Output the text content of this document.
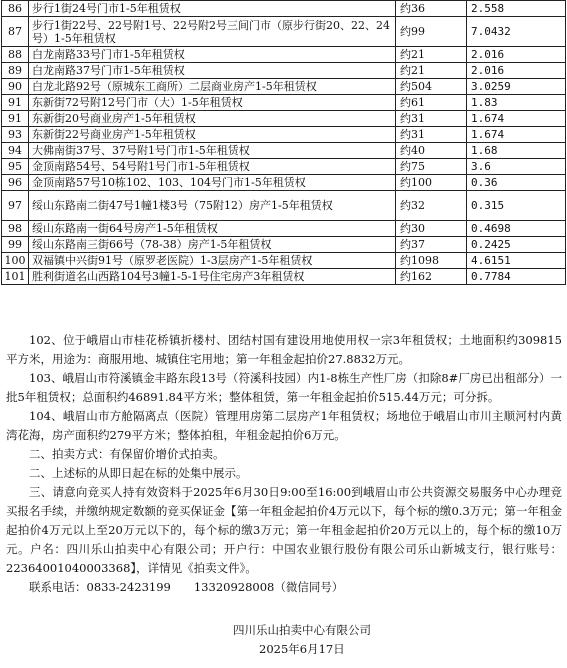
86	步行1街24号门市1-5年租赁权	约36	2.558
87	步行1街22号、22号附1号、22号附2号三间门市（原步行街20、22、24号）1-5年租赁权	约99	7.0432
88	白龙南路33号门市1-5年租赁权	约21	2.016
89	白龙南路37号门市1-5年租赁权	约21	2.016
90	白龙北路92号（原城东工商所）二层商业房产1-5年租赁权	约504	3.0259
91	东新街72号附12号门市（大）1-5年租赁权	约61	1.83
91	东新街20号商业房产1-5年租赁权	约31	1.674
93	东新街22号商业房产1-5年租赁权	约31	1.674
94	大佛南街37号、37号附1号门市1-5年租赁权	约40	1.68
95	金顶南路54号、54号附1号门市1-5年租赁权	约75	3.6
96	金顶南路57号10栋102、103、104号门市1-5年租赁权	约100	0.36
97	绥山东路南二街47号1幢1楼3号（75附12）房产1-5年租赁权	约32	0.315
98	绥山东路南一街64号房产1-5年租赁权	约30	0.4698
99	绥山东路南三街66号（78-38）房产1-5年租赁权	约37	0.2425
100	双福镇中兴街91号（原罗老医院）1-3层房产1-5年租赁权	约1098	4.6151
101	胜利街道名山西路104号3幢1-5-1号住宅房产3年租赁权	约162	0.7784

102、位于峨眉山市桂花桥镇折楼村、团结村国有建设用地使用权一宗3年租赁权；土地面积约309815平方米，用途为：商服用地、城镇住宅用地；第一年租金起拍价27.8832万元。

103、峨眉山市符溪镇金丰路东段13号（符溪科技园）内1-8栋生产性厂房（扣除8#厂房已出租部分）一批5年租赁权；总面积约46891.84平方米；整体租赁，第一年租金起拍价515.44万元；可分拆。

104、峨眉山市方舱隔离点（医院）管理用房第二层房产1年租赁权；场地位于峨眉山市川主顺河村内黄湾花海，房产面积约279平方米；整体拍租，年租金起拍价6万元。

二、拍卖方式：有保留价增价式拍卖。

二、上述标的从即日起在标的处集中展示。

三、请意向竞买人持有效资料于2025年6月30日9:00至16:00到峨眉山市公共资源交易服务中心办理竞买报名手续，并缴纳规定数额的竞买保证金【第一年租金起拍价4万元以下，每个标的缴0.3万元；第一年租金起拍价4万元以上至20万元以下的，每个标的缴3万元；第一年租金起拍价20万元以上的，每个标的缴10万元。户名：四川乐山拍卖中心有限公司；开户行：中国农业银行股份有限公司乐山新城支行，银行账号：22364001040003368】，详情见《拍卖文件》。

联系电话：0833-2423199　　13320928008（微信同号）

四川乐山拍卖中心有限公司
2025年6月17日
